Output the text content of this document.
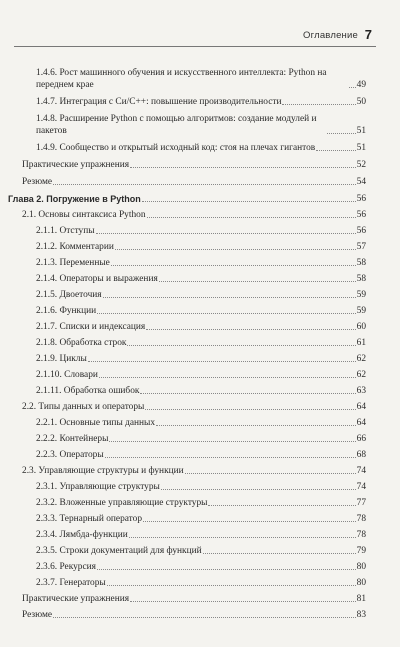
Оглавление 7
1.4.6. Рост машинного обучения и искусственного интеллекта: Python на переднем крае	49
1.4.7. Интеграция с Си/C++: повышение производительности	50
1.4.8. Расширение Python с помощью алгоритмов: создание модулей и пакетов	51
1.4.9. Сообщество и открытый исходный код: стоя на плечах гигантов	51
Практические упражнения	52
Резюме	54
Глава 2. Погружение в Python	56
2.1. Основы синтаксиса Python	56
2.1.1. Отступы	56
2.1.2. Комментарии	57
2.1.3. Переменные	58
2.1.4. Операторы и выражения	58
2.1.5. Двоеточия	59
2.1.6. Функции	59
2.1.7. Списки и индексация	60
2.1.8. Обработка строк	61
2.1.9. Циклы	62
2.1.10. Словари	62
2.1.11. Обработка ошибок	63
2.2. Типы данных и операторы	64
2.2.1. Основные типы данных	64
2.2.2. Контейнеры	66
2.2.3. Операторы	68
2.3. Управляющие структуры и функции	74
2.3.1. Управляющие структуры	74
2.3.2. Вложенные управляющие структуры	77
2.3.3. Тернарный оператор	78
2.3.4. Лямбда-функции	78
2.3.5. Строки документаций для функций	79
2.3.6. Рекурсия	80
2.3.7. Генераторы	80
Практические упражнения	81
Резюме	83
